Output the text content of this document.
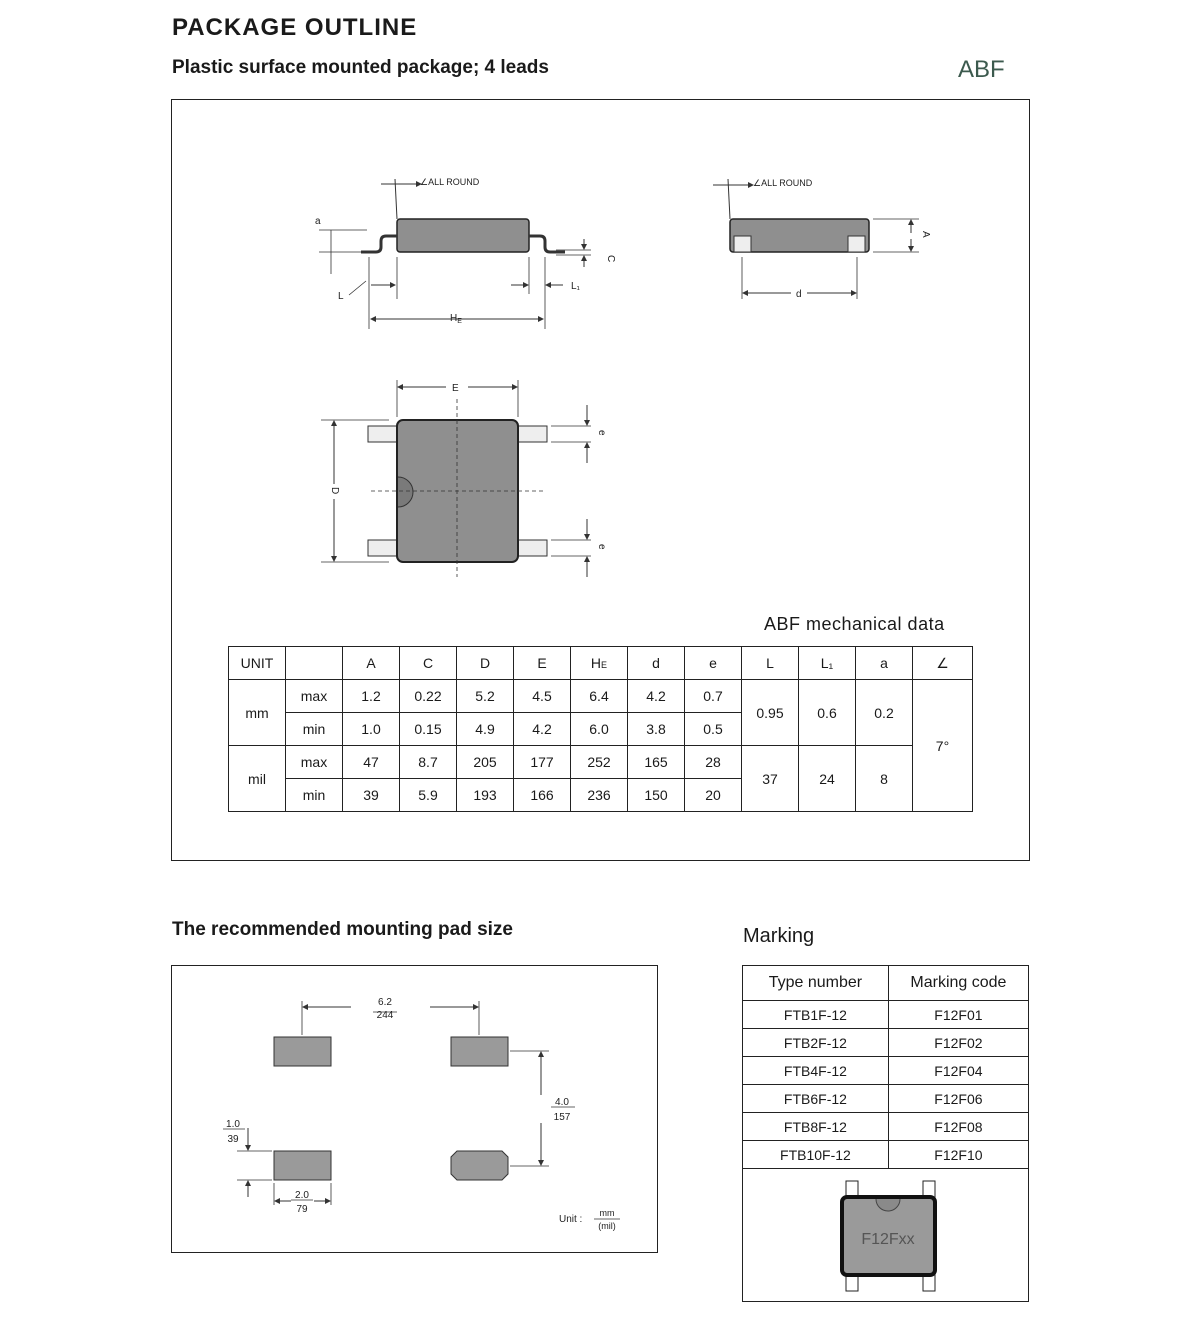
PACKAGE OUTLINE
Plastic surface mounted package; 4 leads	ABF
∠ALL ROUND
a
C
L
L₁
$H_E$
∠ALL ROUND
A
d
E
D
e
e
ABF mechanical data
UNIT		A	C	D	E	HE	d	e	L	L₁	a	∠
mm	max	1.2	0.22	5.2	4.5	6.4	4.2	0.7	0.95	0.6	0.2	7°
	min	1.0	0.15	4.9	4.2	6.0	3.8	0.5				
mil	max	47	8.7	205	177	252	165	28	37	24	8	
	min	39	5.9	193	166	236	150	20				
The recommended mounting pad size
6.2
244
4.0
157
1.0
39
2.0
79
Unit :
mm
(mil)
Marking
Type number	Marking code
FTB1F-12	F12F01
FTB2F-12	F12F02
FTB4F-12	F12F04
FTB6F-12	F12F06
FTB8F-12	F12F08
FTB10F-12	F12F10
F12Fxx
